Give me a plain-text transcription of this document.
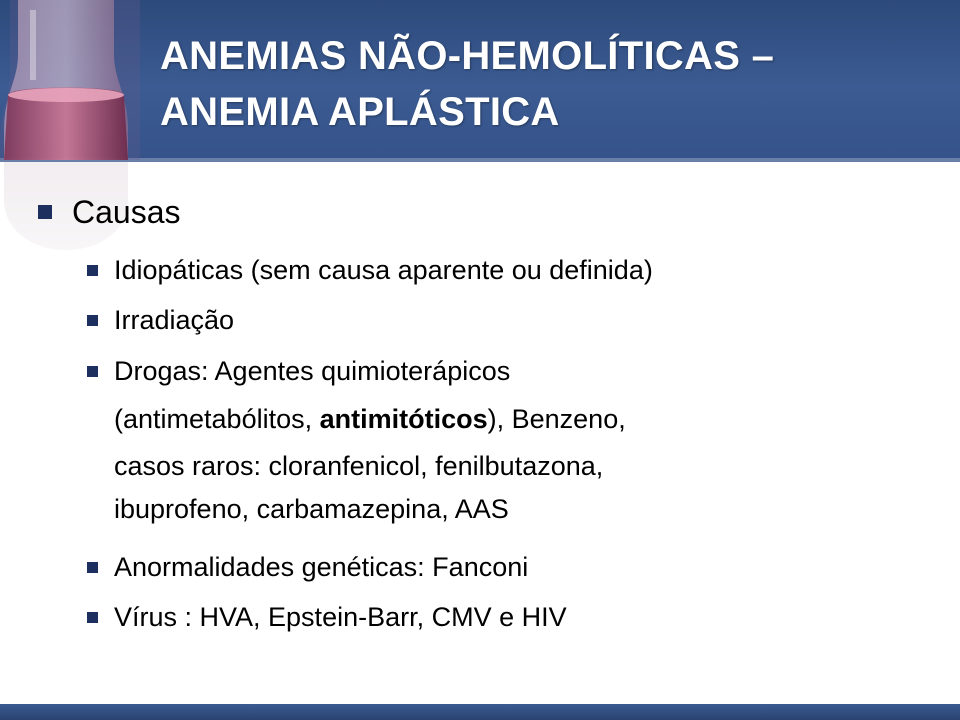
ANEMIAS NÃO-HEMOLÍTICAS –
ANEMIA APLÁSTICA
Causas
Idiopáticas (sem causa aparente ou definida)
Irradiação
Drogas: Agentes quimioterápicos
(antimetabólitos, antimitóticos), Benzeno,
casos raros: cloranfenicol, fenilbutazona,
ibuprofeno, carbamazepina, AAS
Anormalidades genéticas: Fanconi
Vírus : HVA, Epstein-Barr, CMV e HIV
